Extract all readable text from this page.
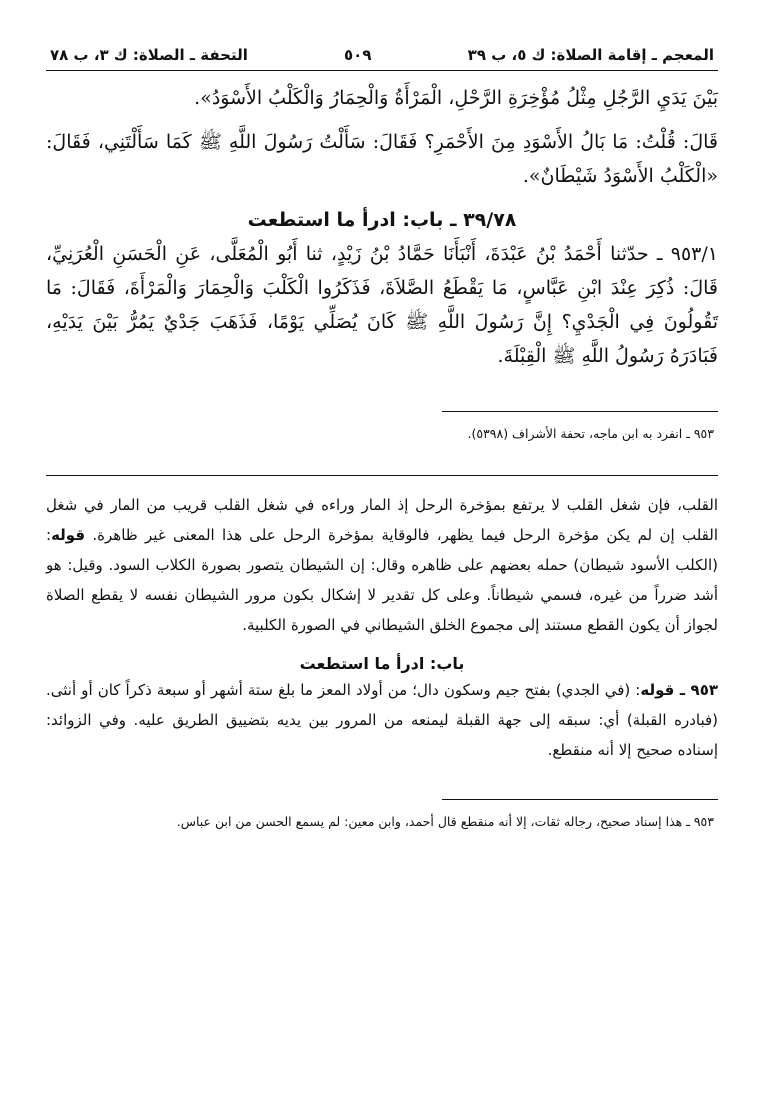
المعجم ـ إقامة الصلاة: ك ٥، ب ٣٩
٥٠٩
التحفة ـ الصلاة: ك ٣، ب ٧٨

بَيْنَ يَدَيِ الرَّجُلِ مِثْلُ مُؤْخِرَةِ الرَّحْلِ، الْمَرْأَةُ وَالْحِمَارُ وَالْكَلْبُ الأَسْوَدُ».

قَالَ: قُلْتُ: مَا بَالُ الأَسْوَدِ مِنَ الأَحْمَرِ؟ فَقَالَ: سَأَلْتُ رَسُولَ اللَّهِ ﷺ كَمَا سَأَلْتَنِي، فَقَالَ: «الْكَلْبُ الأَسْوَدُ شَيْطَانٌ».

٣٩/٧٨ ـ باب: ادرأ ما استطعت

٩٥٣/١ ـ حدّثنا أَحْمَدُ بْنُ عَبْدَةَ، أَنْبَأَنَا حَمَّادُ بْنُ زَيْدٍ، ثنا أَبُو الْمُعَلَّى، عَنِ الْحَسَنِ الْعُرَنِيِّ، قَالَ: ذُكِرَ عِنْدَ ابْنِ عَبَّاسٍ، مَا يَقْطَعُ الصَّلاَةَ، فَذَكَرُوا الْكَلْبَ وَالْحِمَارَ وَالْمَرْأَةَ، فَقَالَ: مَا تَقُولُونَ فِي الْجَدْيِ؟ إِنَّ رَسُولَ اللَّهِ ﷺ كَانَ يُصَلِّي يَوْمًا، فَذَهَبَ جَدْيٌ يَمُرُّ بَيْنَ يَدَيْهِ، فَبَادَرَهُ رَسُولُ اللَّهِ ﷺ الْقِبْلَةَ.

٩٥٣ ـ انفرد به ابن ماجه، تحفة الأشراف (٥٣٩٨).

القلب، فإن شغل القلب لا يرتفع بمؤخرة الرحل إذ المار وراءه في شغل القلب قريب من المار في شغل القلب إن لم يكن مؤخرة الرحل فيما يظهر، فالوقاية بمؤخرة الرحل على هذا المعنى غير ظاهرة. قوله: (الكلب الأسود شيطان) حمله بعضهم على ظاهره وقال: إن الشيطان يتصور بصورة الكلاب السود. وقيل: هو أشد ضرراً من غيره، فسمي شيطاناً. وعلى كل تقدير لا إشكال بكون مرور الشيطان نفسه لا يقطع الصلاة لجواز أن يكون القطع مستند إلى مجموع الخلق الشيطاني في الصورة الكلبية.

باب: ادرأ ما استطعت

٩٥٣ ـ قوله: (في الجدي) بفتح جيم وسكون دال؛ من أولاد المعز ما بلغ ستة أشهر أو سبعة ذكراً كان أو أنثى. (فبادره القبلة) أي: سبقه إلى جهة القبلة ليمنعه من المرور بين يديه بتضييق الطريق عليه. وفي الزوائد: إسناده صحيح إلا أنه منقطع.

٩٥٣ ـ هذا إسناد صحيح، رجاله ثقات، إلا أنه منقطع قال أحمد، وابن معين: لم يسمع الحسن من ابن عباس.
